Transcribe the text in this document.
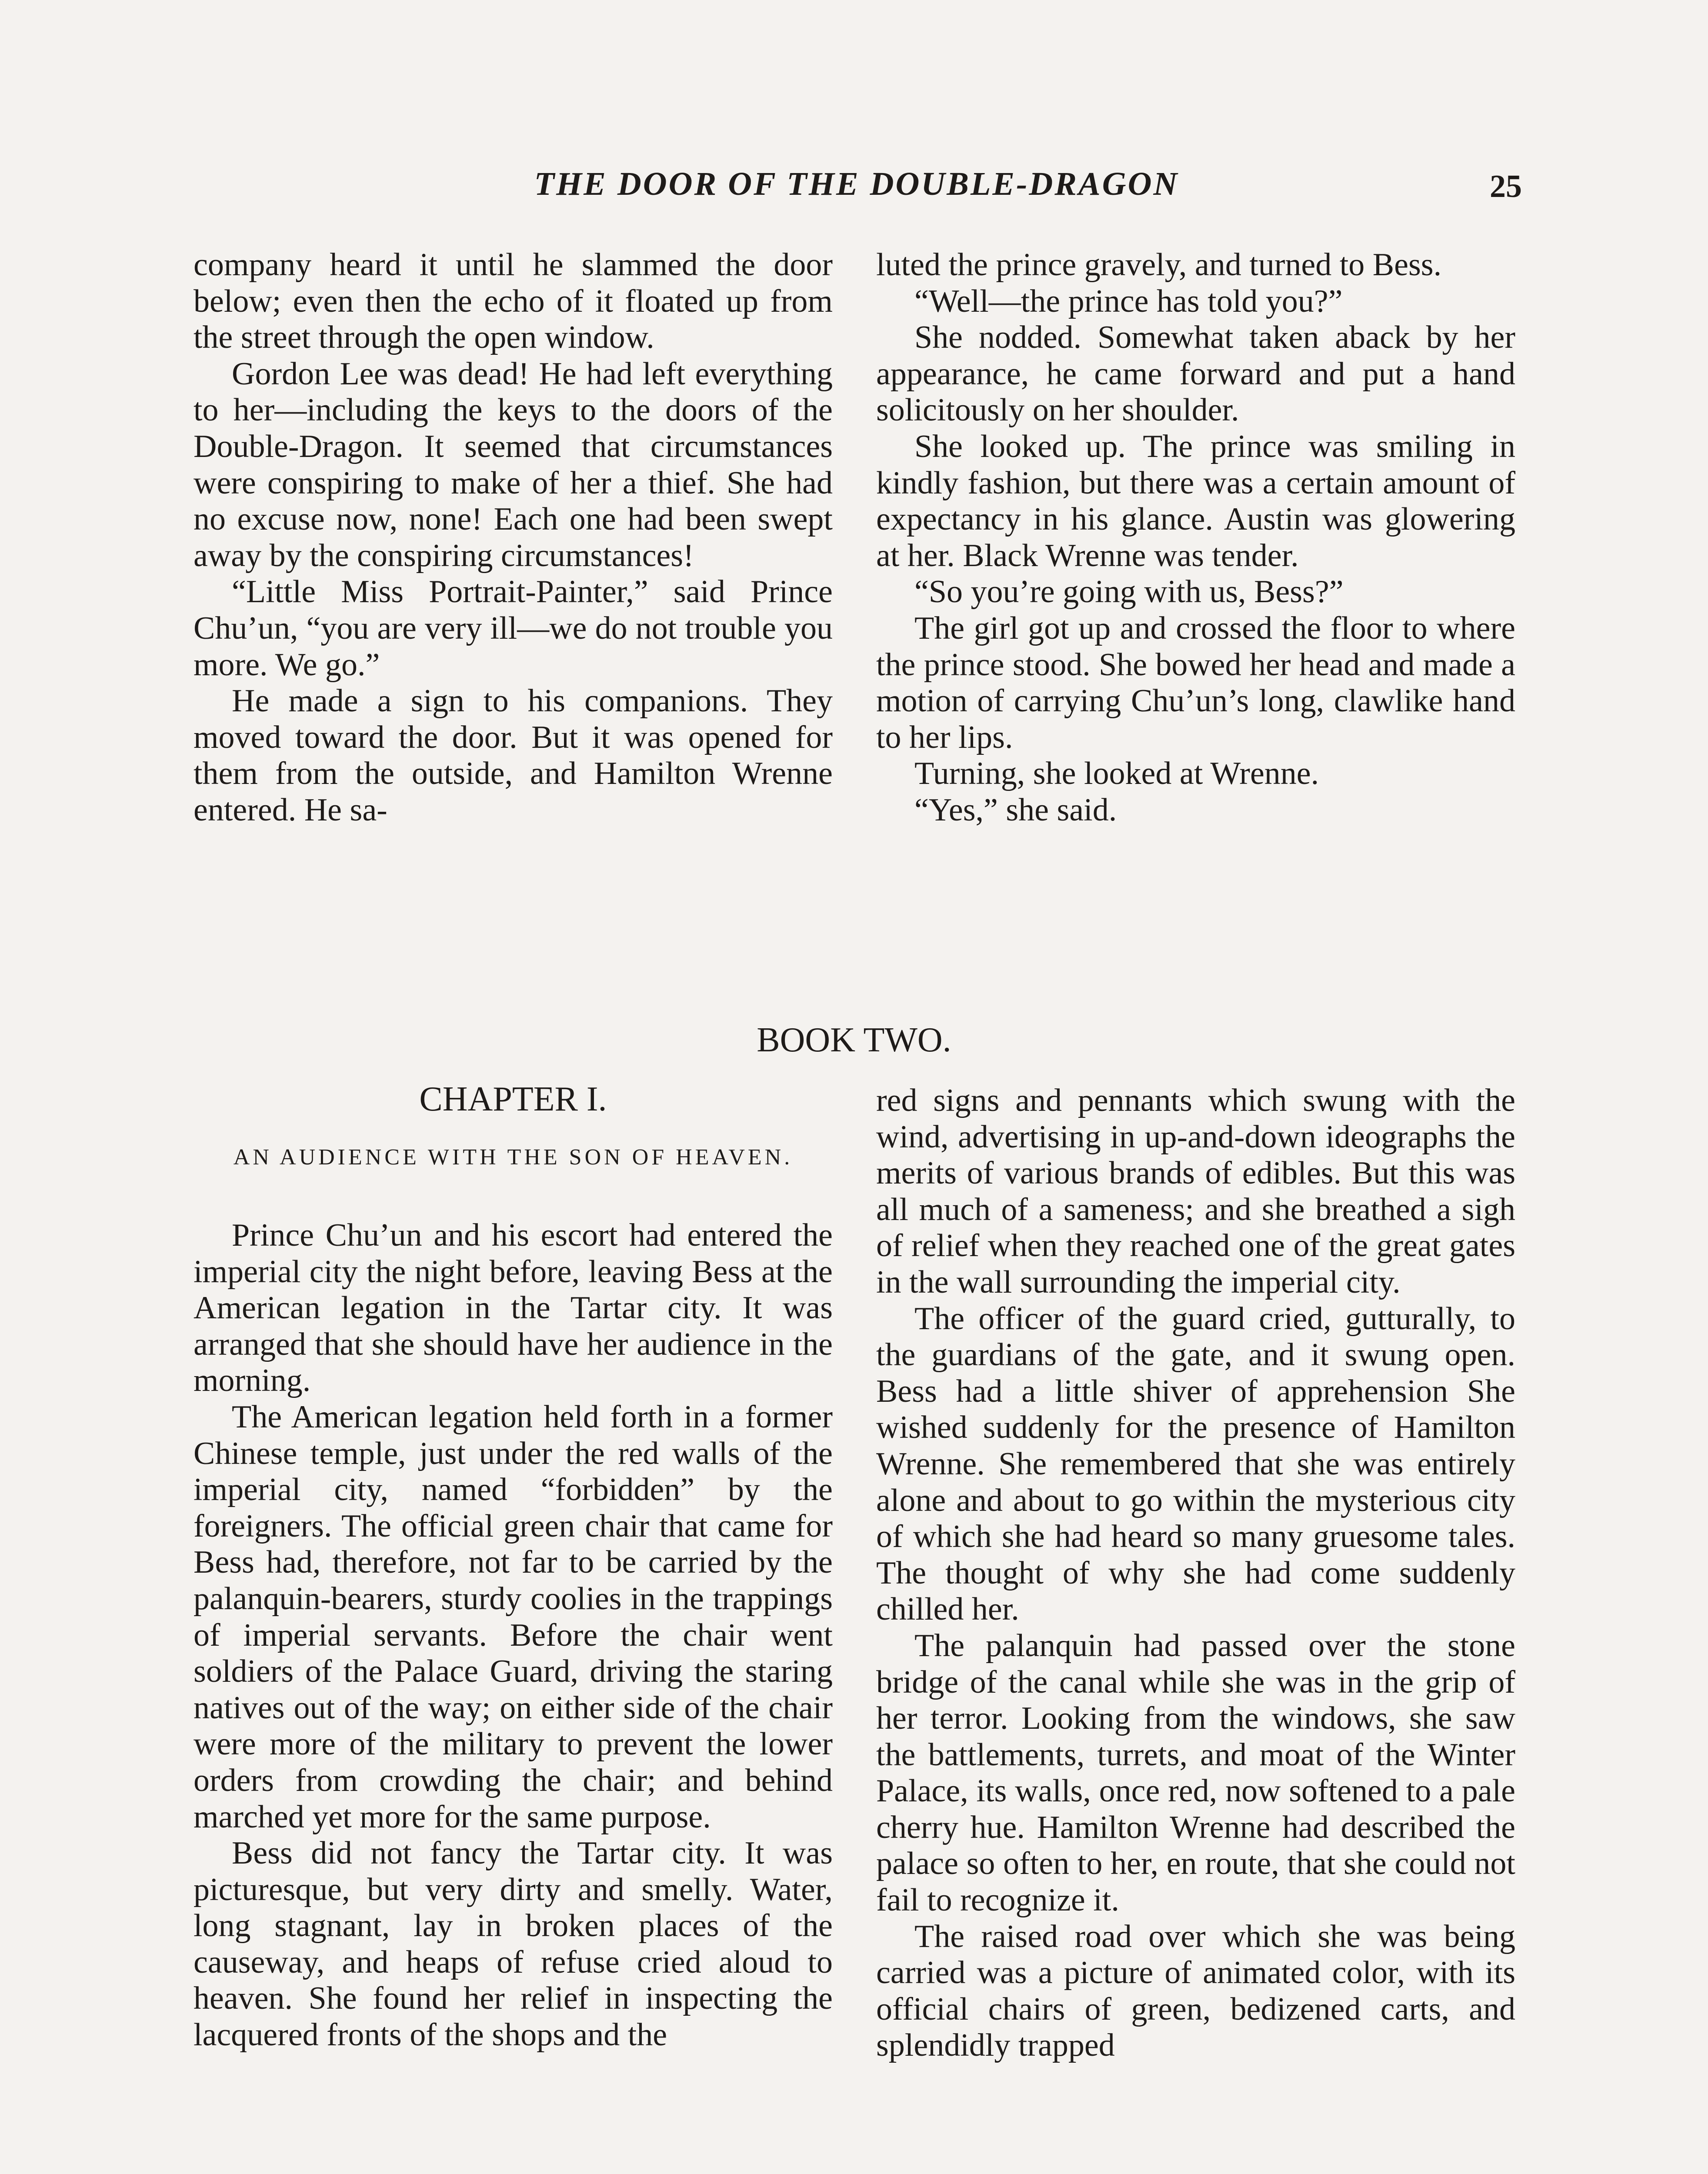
THE DOOR OF THE DOUBLE-DRAGON	25

company heard it until he slammed the door below; even then the echo of it floated up from the street through the open window.

Gordon Lee was dead! He had left everything to her—including the keys to the doors of the Double-Dragon. It seemed that circumstances were conspiring to make of her a thief. She had no excuse now, none! Each one had been swept away by the conspiring circumstances!

“Little Miss Portrait-Painter,” said Prince Chu’un, “you are very ill—we do not trouble you more. We go.”

He made a sign to his companions. They moved toward the door. But it was opened for them from the outside, and Hamilton Wrenne entered. He sa-

luted the prince gravely, and turned to Bess.

“Well—the prince has told you?”

She nodded. Somewhat taken aback by her appearance, he came forward and put a hand solicitously on her shoulder.

She looked up. The prince was smiling in kindly fashion, but there was a certain amount of expectancy in his glance. Austin was glowering at her. Black Wrenne was tender.

“So you’re going with us, Bess?”

The girl got up and crossed the floor to where the prince stood. She bowed her head and made a motion of carrying Chu’un’s long, clawlike hand to her lips.

Turning, she looked at Wrenne.

“Yes,” she said.

BOOK TWO.
CHAPTER I.
AN AUDIENCE WITH THE SON OF HEAVEN.

Prince Chu’un and his escort had entered the imperial city the night before, leaving Bess at the American legation in the Tartar city. It was arranged that she should have her audience in the morning.

The American legation held forth in a former Chinese temple, just under the red walls of the imperial city, named “forbidden” by the foreigners. The official green chair that came for Bess had, therefore, not far to be carried by the palanquin-bearers, sturdy coolies in the trappings of imperial servants. Before the chair went soldiers of the Palace Guard, driving the staring natives out of the way; on either side of the chair were more of the military to prevent the lower orders from crowding the chair; and behind marched yet more for the same purpose.

Bess did not fancy the Tartar city. It was picturesque, but very dirty and smelly. Water, long stagnant, lay in broken places of the causeway, and heaps of refuse cried aloud to heaven. She found her relief in inspecting the lacquered fronts of the shops and the

red signs and pennants which swung with the wind, advertising in up-and-down ideographs the merits of various brands of edibles. But this was all much of a sameness; and she breathed a sigh of relief when they reached one of the great gates in the wall surrounding the imperial city.

The officer of the guard cried, gutturally, to the guardians of the gate, and it swung open. Bess had a little shiver of apprehension She wished suddenly for the presence of Hamilton Wrenne. She remembered that she was entirely alone and about to go within the mysterious city of which she had heard so many gruesome tales. The thought of why she had come suddenly chilled her.

The palanquin had passed over the stone bridge of the canal while she was in the grip of her terror. Looking from the windows, she saw the battlements, turrets, and moat of the Winter Palace, its walls, once red, now softened to a pale cherry hue. Hamilton Wrenne had described the palace so often to her, en route, that she could not fail to recognize it.

The raised road over which she was being carried was a picture of animated color, with its official chairs of green, bedizened carts, and splendidly trapped
